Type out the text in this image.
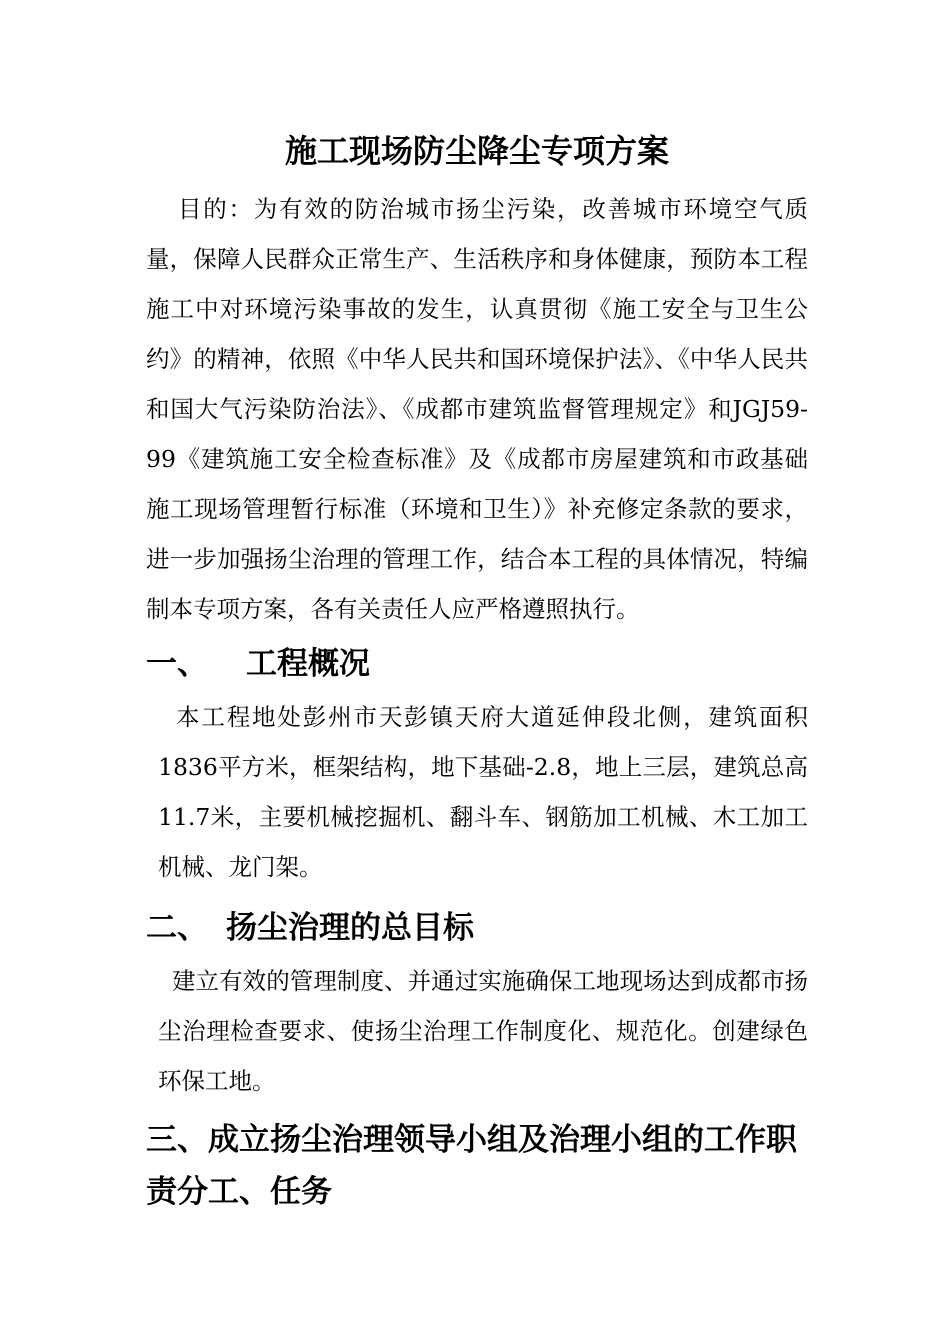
施工现场防尘降尘专项方案

目的：为有效的防治城市扬尘污染，改善城市环境空气质量，保障人民群众正常生产、生活秩序和身体健康，预防本工程施工中对环境污染事故的发生，认真贯彻《施工安全与卫生公约》的精神，依照《中华人民共和国环境保护法》、《中华人民共和国大气污染防治法》、《成都市建筑监督管理规定》和JGJ59-99《建筑施工安全检查标准》及《成都市房屋建筑和市政基础施工现场管理暂行标准（环境和卫生）》补充修定条款的要求，进一步加强扬尘治理的管理工作，结合本工程的具体情况，特编制本专项方案，各有关责任人应严格遵照执行。

一、 工程概况

本工程地处彭州市天彭镇天府大道延伸段北侧，建筑面积1836平方米，框架结构，地下基础-2.8，地上三层，建筑总高11.7米，主要机械挖掘机、翻斗车、钢筋加工机械、木工加工机械、龙门架。

二、 扬尘治理的总目标

建立有效的管理制度、并通过实施确保工地现场达到成都市扬尘治理检查要求、使扬尘治理工作制度化、规范化。创建绿色环保工地。

三、成立扬尘治理领导小组及治理小组的工作职责分工、任务
